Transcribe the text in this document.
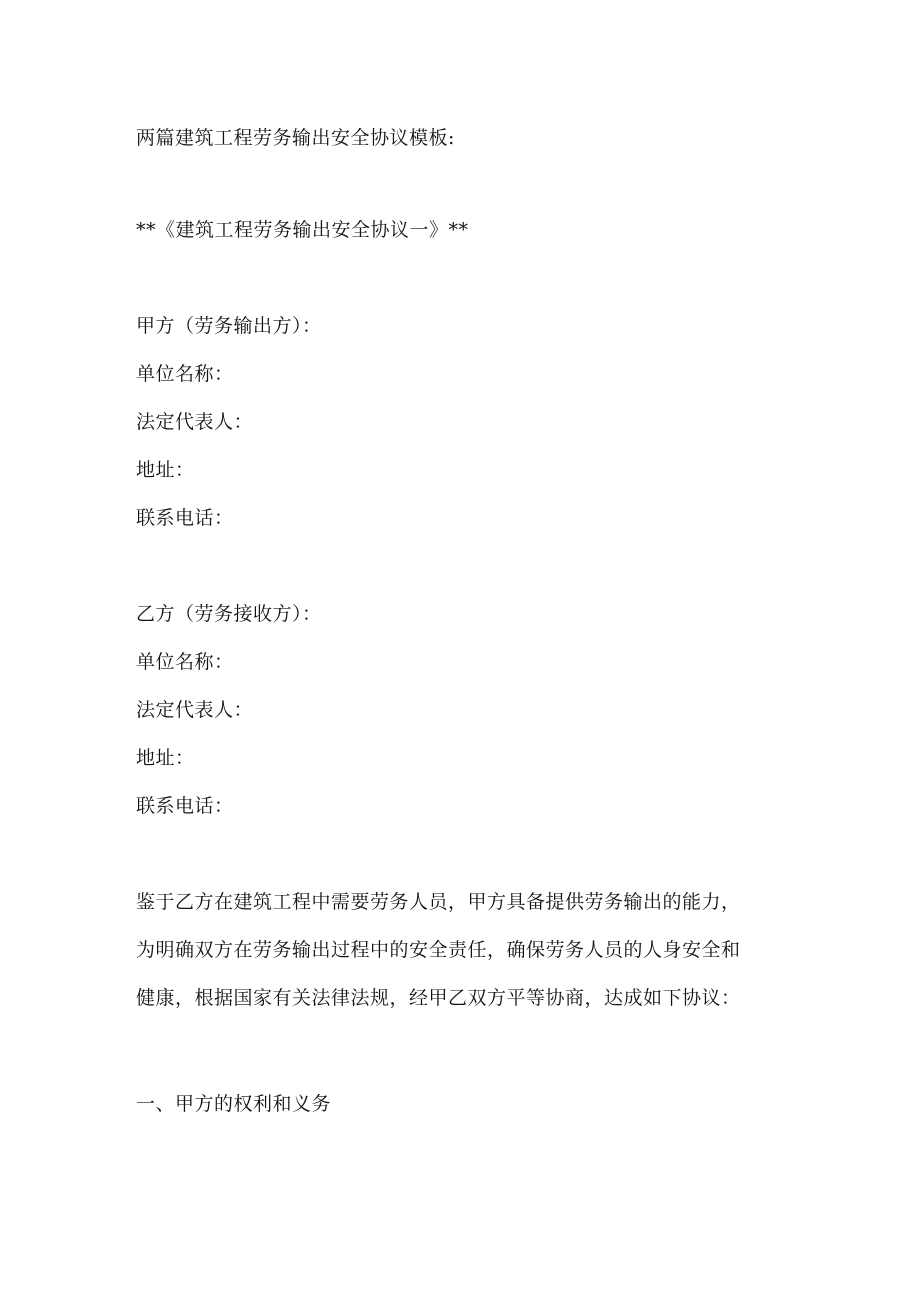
两篇建筑工程劳务输出安全协议模板:
**《建筑工程劳务输出安全协议一》**
甲方（劳务输出方）：
单位名称：
法定代表人：
地址：
联系电话：
乙方（劳务接收方）：
单位名称：
法定代表人：
地址：
联系电话：
鉴于乙方在建筑工程中需要劳务人员，甲方具备提供劳务输出的能力，
为明确双方在劳务输出过程中的安全责任，确保劳务人员的人身安全和
健康，根据国家有关法律法规，经甲乙双方平等协商，达成如下协议：
一、甲方的权利和义务
